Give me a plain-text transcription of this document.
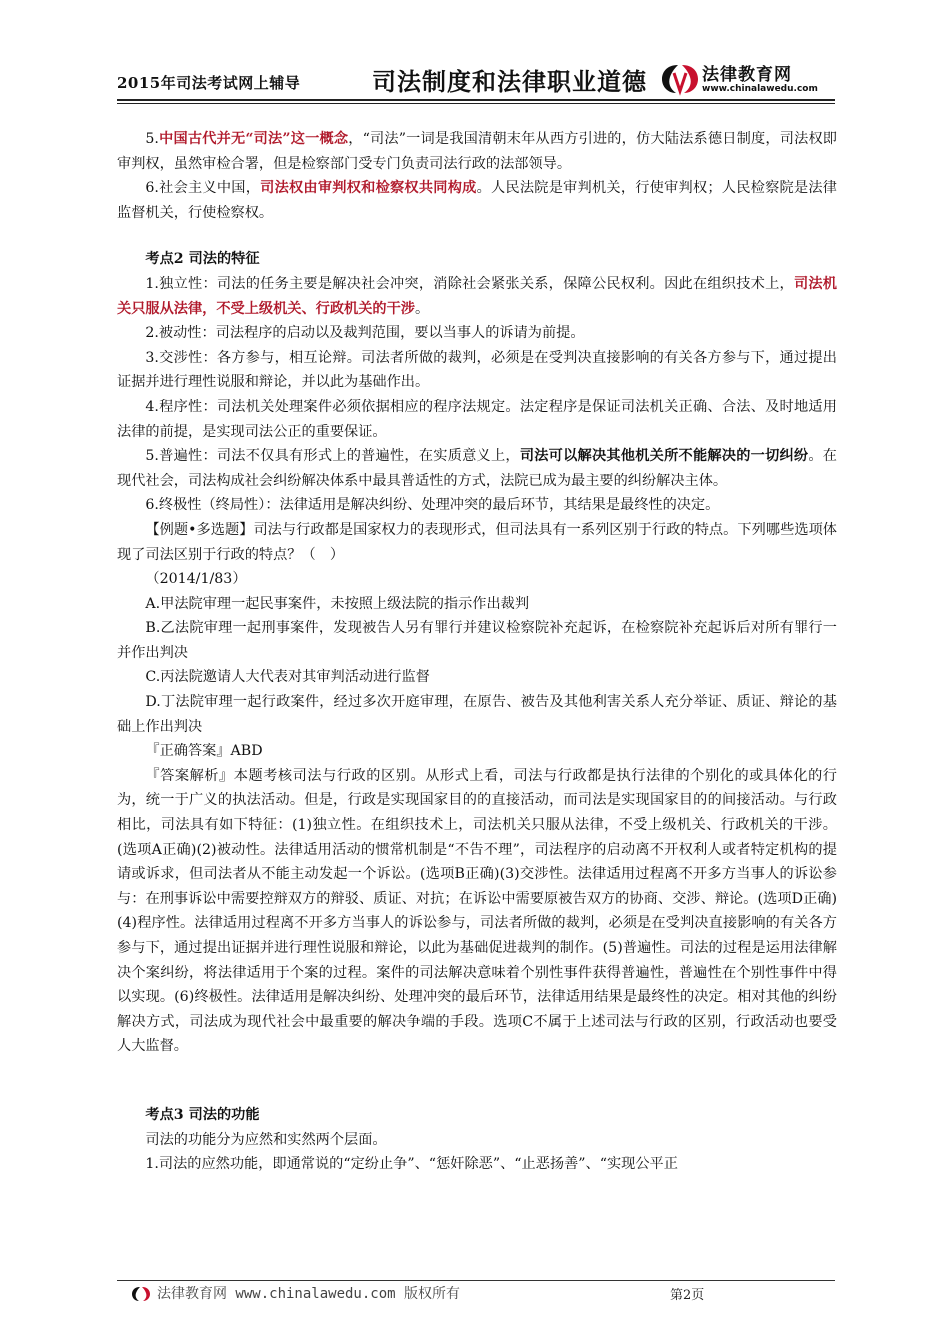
2015年司法考试网上辅导	司法制度和法律职业道德	法律教育网
www.chinalawedu.com

5.中国古代并无“司法”这一概念，“司法”一词是我国清朝末年从西方引进的，仿大陆法系德日制度，司法权即审判权，虽然审检合署，但是检察部门受专门负责司法行政的法部领导。

6.社会主义中国，司法权由审判权和检察权共同构成。人民法院是审判机关，行使审判权；人民检察院是法律监督机关，行使检察权。

考点2 司法的特征

1.独立性：司法的任务主要是解决社会冲突，消除社会紧张关系，保障公民权利。因此在组织技术上，司法机关只服从法律，不受上级机关、行政机关的干涉。

2.被动性：司法程序的启动以及裁判范围，要以当事人的诉请为前提。

3.交涉性：各方参与，相互论辩。司法者所做的裁判，必须是在受判决直接影响的有关各方参与下，通过提出证据并进行理性说服和辩论，并以此为基础作出。

4.程序性：司法机关处理案件必须依据相应的程序法规定。法定程序是保证司法机关正确、合法、及时地适用法律的前提，是实现司法公正的重要保证。

5.普遍性：司法不仅具有形式上的普遍性，在实质意义上，司法可以解决其他机关所不能解决的一切纠纷。在现代社会，司法构成社会纠纷解决体系中最具普适性的方式，法院已成为最主要的纠纷解决主体。

6.终极性（终局性）：法律适用是解决纠纷、处理冲突的最后环节，其结果是最终性的决定。

【例题•多选题】司法与行政都是国家权力的表现形式，但司法具有一系列区别于行政的特点。下列哪些选项体现了司法区别于行政的特点？（　）

（2014/1/83）

A.甲法院审理一起民事案件，未按照上级法院的指示作出裁判

B.乙法院审理一起刑事案件，发现被告人另有罪行并建议检察院补充起诉，在检察院补充起诉后对所有罪行一并作出判决

C.丙法院邀请人大代表对其审判活动进行监督

D.丁法院审理一起行政案件，经过多次开庭审理，在原告、被告及其他利害关系人充分举证、质证、辩论的基础上作出判决

『正确答案』ABD

『答案解析』本题考核司法与行政的区别。从形式上看，司法与行政都是执行法律的个别化的或具体化的行为，统一于广义的执法活动。但是，行政是实现国家目的的直接活动，而司法是实现国家目的的间接活动。与行政相比，司法具有如下特征：(1)独立性。在组织技术上，司法机关只服从法律，不受上级机关、行政机关的干涉。(选项A正确)(2)被动性。法律适用活动的惯常机制是“不告不理”，司法程序的启动离不开权利人或者特定机构的提请或诉求，但司法者从不能主动发起一个诉讼。(选项B正确)(3)交涉性。法律适用过程离不开多方当事人的诉讼参与：在刑事诉讼中需要控辩双方的辩驳、质证、对抗；在诉讼中需要原被告双方的协商、交涉、辩论。(选项D正确)(4)程序性。法律适用过程离不开多方当事人的诉讼参与，司法者所做的裁判，必须是在受判决直接影响的有关各方参与下，通过提出证据并进行理性说服和辩论，以此为基础促进裁判的制作。(5)普遍性。司法的过程是运用法律解决个案纠纷，将法律适用于个案的过程。案件的司法解决意味着个别性事件获得普遍性，普遍性在个别性事件中得以实现。(6)终极性。法律适用是解决纠纷、处理冲突的最后环节，法律适用结果是最终性的决定。相对其他的纠纷解决方式，司法成为现代社会中最重要的解决争端的手段。选项C不属于上述司法与行政的区别，行政活动也要受人大监督。

考点3 司法的功能

司法的功能分为应然和实然两个层面。

1.司法的应然功能，即通常说的“定纷止争”、“惩奸除恶”、“止恶扬善”、“实现公平正

法律教育网 www.chinalawedu.com 版权所有	第2页
